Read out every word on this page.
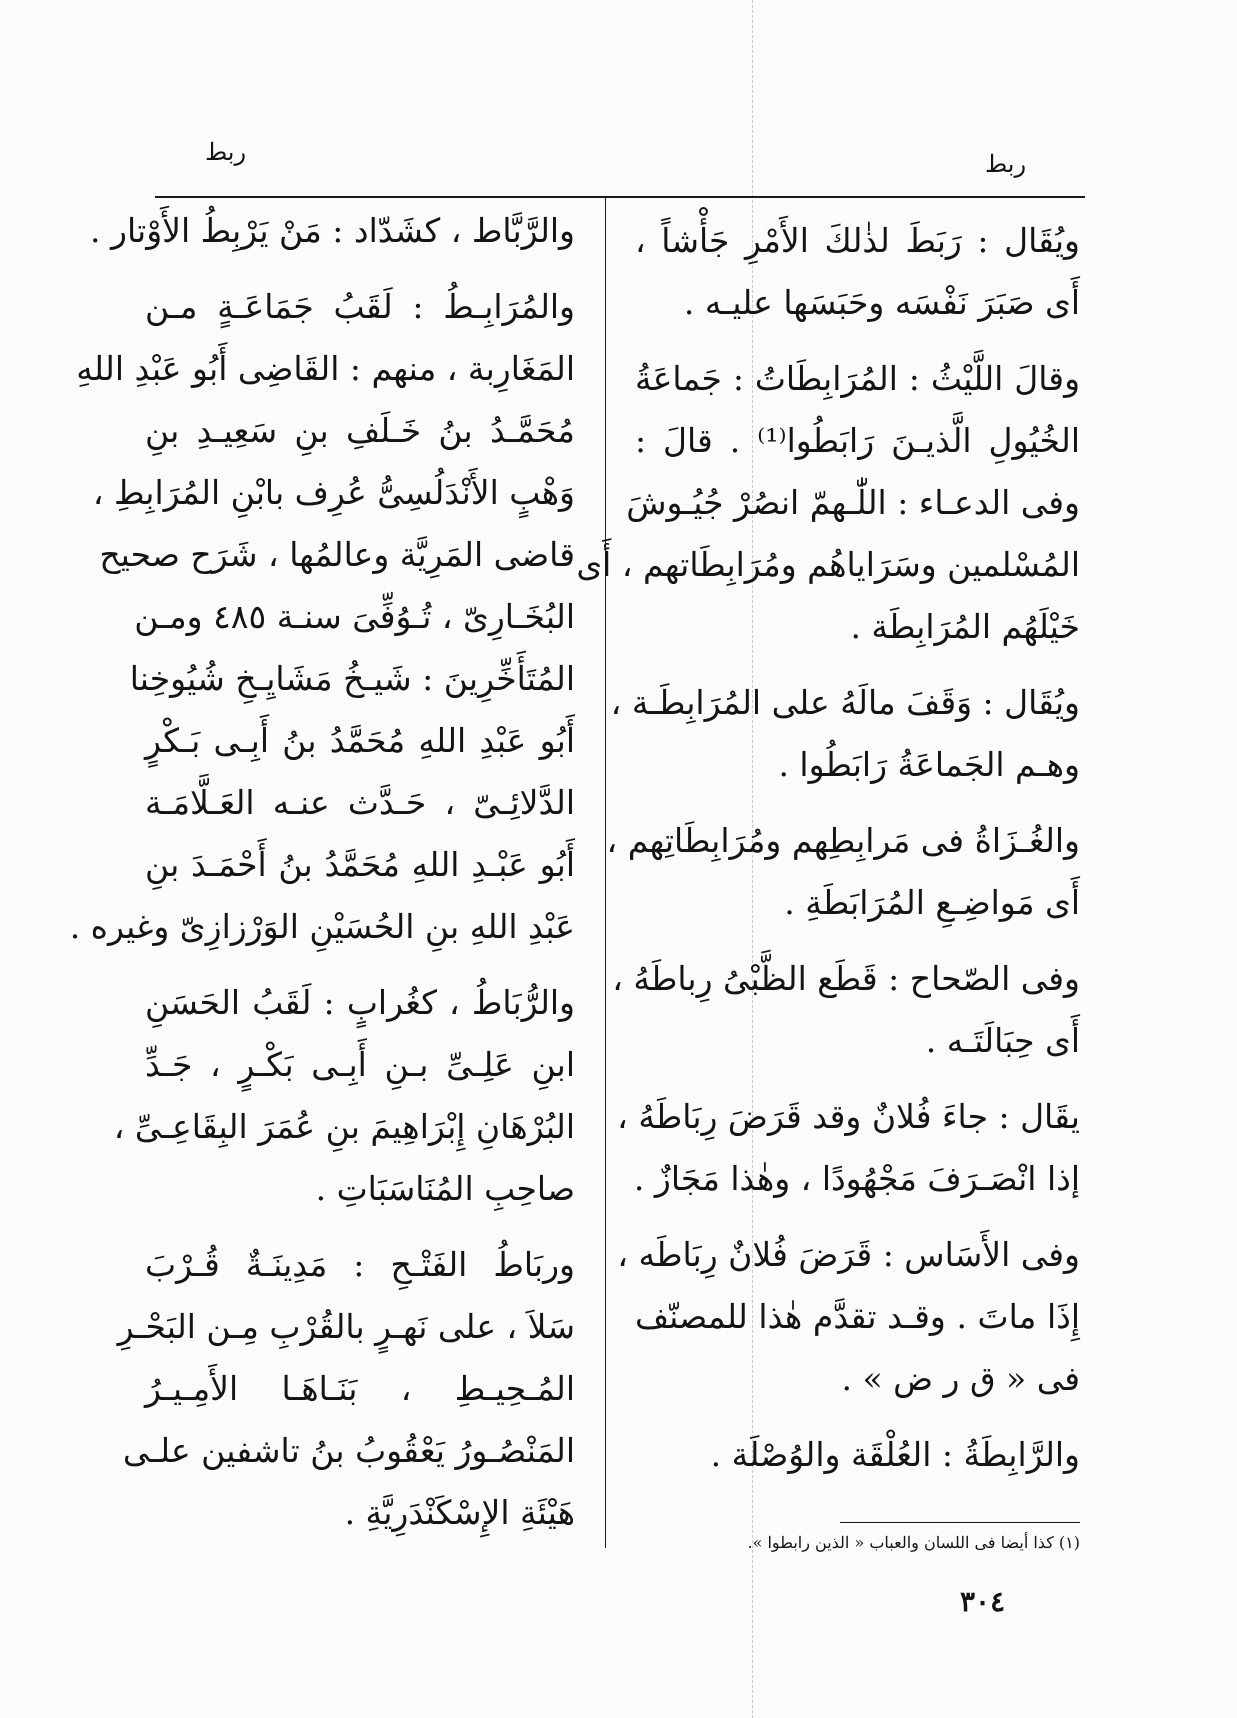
ربط	ربط
ويُقَال : رَبَطَ لذٰلكَ الأَمْرِ جَأْشاً ،
أَى صَبَرَ نَفْسَه وحَبَسَها عليـه .
وقالَ اللَّيْثُ : المُرَابِطَاتُ : جَماعَةُ
الخُيُولِ الَّذيـنَ رَابَطُوا⁽¹⁾ . قالَ :
وفى الدعـاء : اللّٰـهمّ انصُرْ جُيُـوشَ
المُسْلمين وسَرَاياهُم ومُرَابِطَاتهم ، أَى
خَيْلَهُم المُرَابِطَة .
ويُقَال : وَقَفَ مالَهُ على المُرَابِطَـة ،
وهـم الجَماعَةُ رَابَطُوا .
والغُـزَاةُ فى مَرابِطِهم ومُرَابِطَاتِهم ،
أَى مَواضِـعِ المُرَابَطَةِ .
وفى الصّحاح : قَطَع الظَّبْىُ رِباطَهُ ،
أَى حِبَالَتَـه .
يقَال : جاءَ فُلانٌ وقد قَرَضَ رِبَاطَهُ ،
إذا انْصَـرَفَ مَجْهُودًا ، وهٰذا مَجَازٌ .
وفى الأَسَاس : قَرَضَ فُلانٌ رِبَاطَه ،
إِذَا ماتَ . وقـد تقدَّم هٰذا للمصنّف
فى « ق ر ض » .
والرَّابِطَةُ : العُلْقَة والوُصْلَة .
والرَّبَّاط ، كشَدّاد : مَنْ يَرْبِطُ الأَوْتار .
والمُرَابِـطُ : لَقَبُ جَمَاعَـةٍ مـن
المَغَارِبة ، منهم : القَاضِى أَبُو عَبْدِ اللهِ
مُحَمَّـدُ بنُ خَـلَفِ بنِ سَعِيـدِ بنِ
وَهْبٍ الأَنْدَلُسِىُّ عُرِف بابْنِ المُرَابِطِ ،
قاضى المَرِيَّة وعالمُها ، شَرَح صحيح
البُخَـارِىّ ، تُـوُفِّىَ سنـة ٤٨٥ ومـن
المُتَأَخِّرِينَ : شَيـخُ مَشَايِـخِ شُيُوخِنا
أَبُو عَبْدِ اللهِ مُحَمَّدُ بنُ أَبِـى بَـكْرٍ
الدَّلائِـىّ ، حَـدَّث عنـه العَـلَّامَـة
أَبُو عَبْـدِ اللهِ مُحَمَّدُ بنُ أَحْمَـدَ بنِ
عَبْدِ اللهِ بنِ الحُسَيْنِ الوَرْزازِىّ وغيره .
والرُّبَاطُ ، كغُرابٍ : لَقَبُ الحَسَنِ
ابنِ عَلِـىِّ بـنِ أَبِـى بَكْـرٍ ، جَـدِّ
البُرْهَانِ إِبْرَاهِيمَ بنِ عُمَرَ البِقَاعِـىِّ ،
صاحِبِ المُنَاسَبَاتِ .
وربَاطُ الفَتْـحِ : مَدِينَـةٌ قُـرْبَ
سَلاَ ، على نَهـرٍ بالقُرْبِ مِـن البَحْـرِ
المُـحِيـطِ ، بَنَـاهَـا الأَمِـيـرُ
المَنْصُـورُ يَعْقُوبُ بنُ تاشفين علـى
هَيْئَةِ الإِسْكَنْدَرِيَّةِ .
(١) كذا أيضا فى اللسان والعباب « الذين رابطوا ».
٣٠٤
